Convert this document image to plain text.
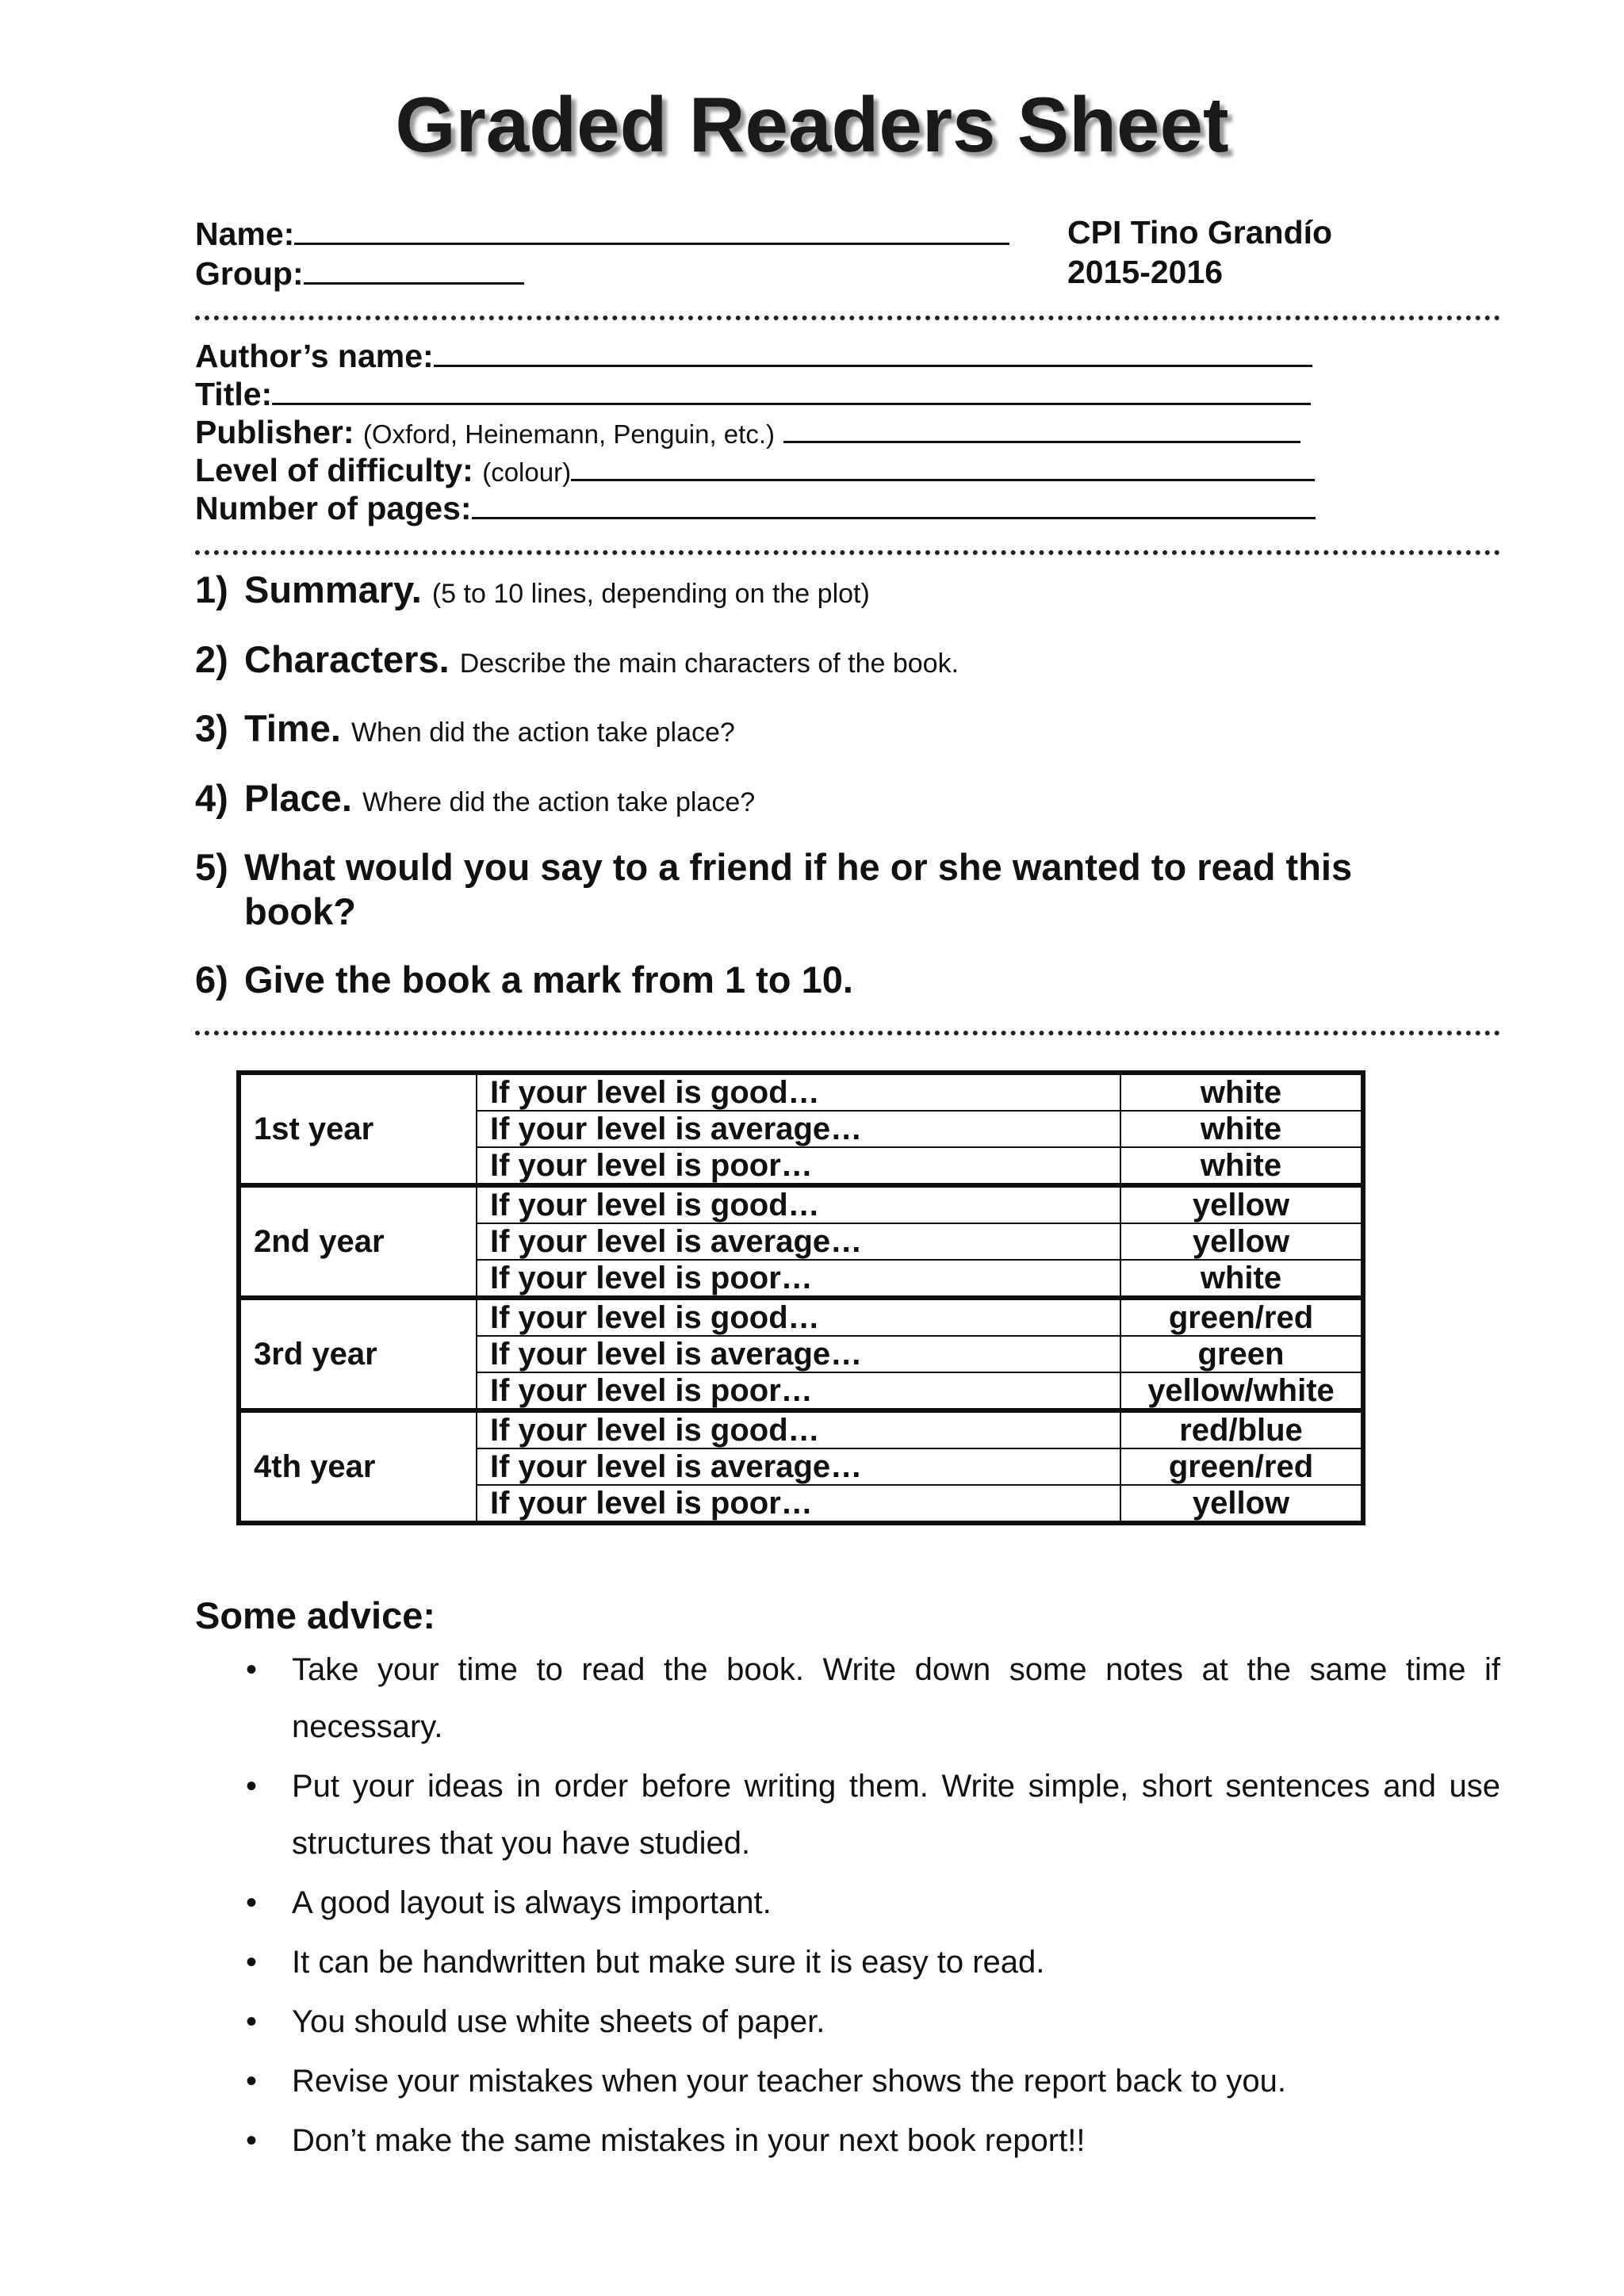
Graded Readers Sheet
Name:
Group:
CPI Tino Grandío
2015-2016
Author’s name:
Title:
Publisher: (Oxford, Heinemann, Penguin, etc.)
Level of difficulty: (colour)
Number of pages:
1) Summary. (5 to 10 lines, depending on the plot)
2) Characters. Describe the main characters of the book.
3) Time. When did the action take place?
4) Place. Where did the action take place?
5) What would you say to a friend if he or she wanted to read this book?
6) Give the book a mark from 1 to 10.
1st year	If your level is good…	white
	If your level is average…	white
	If your level is poor…	white
2nd year	If your level is good…	yellow
	If your level is average…	yellow
	If your level is poor…	white
3rd year	If your level is good…	green/red
	If your level is average…	green
	If your level is poor…	yellow/white
4th year	If your level is good…	red/blue
	If your level is average…	green/red
	If your level is poor…	yellow
Some advice:
• Take your time to read the book. Write down some notes at the same time if necessary.
• Put your ideas in order before writing them. Write simple, short sentences and use structures that you have studied.
• A good layout is always important.
• It can be handwritten but make sure it is easy to read.
• You should use white sheets of paper.
• Revise your mistakes when your teacher shows the report back to you.
• Don’t make the same mistakes in your next book report!!
